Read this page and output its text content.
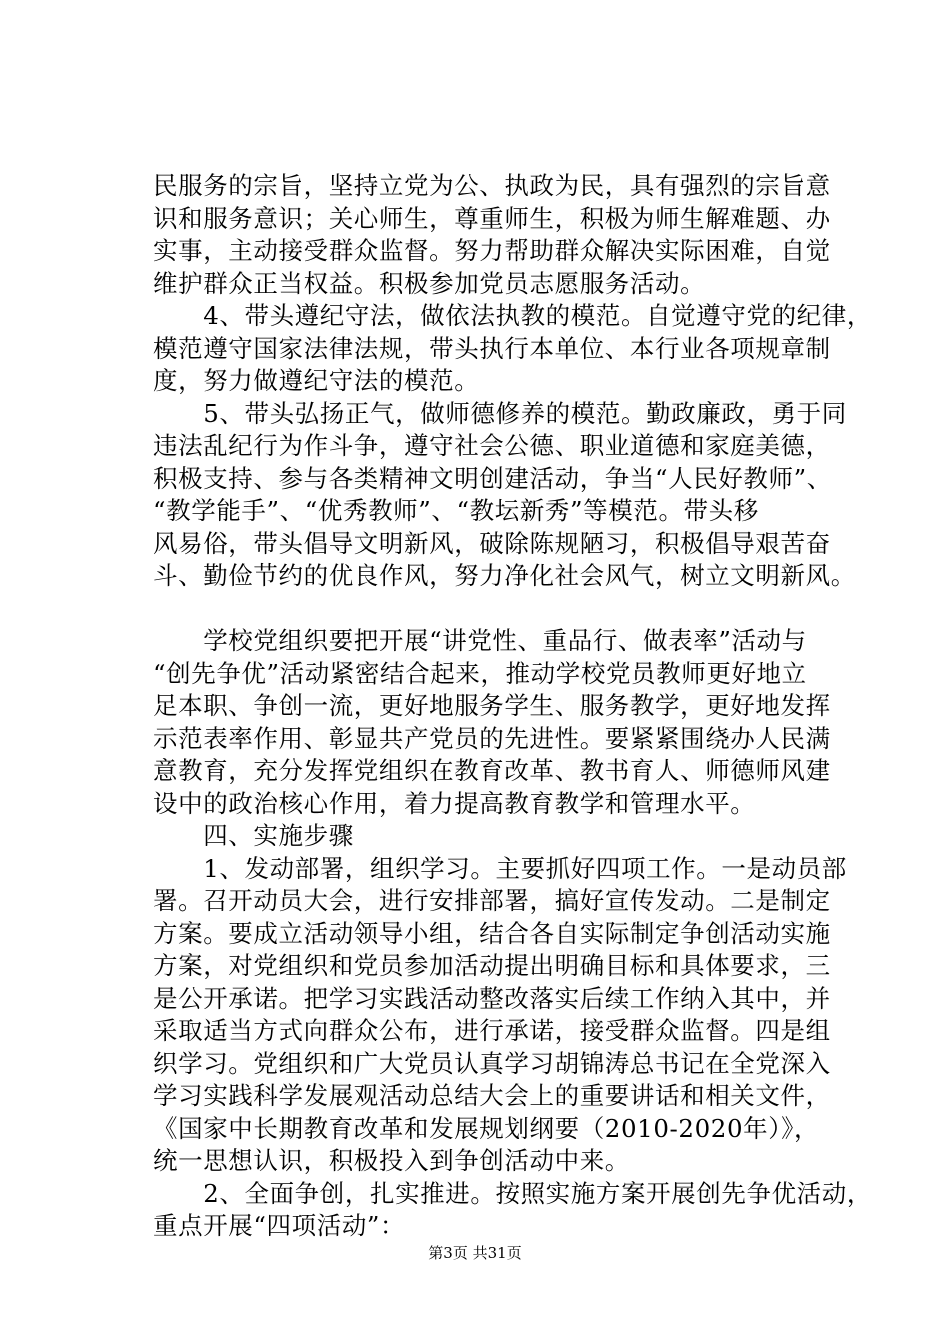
民服务的宗旨，坚持立党为公、执政为民，具有强烈的宗旨意
识和服务意识；关心师生，尊重师生，积极为师生解难题、办
实事，主动接受群众监督。努力帮助群众解决实际困难，自觉
维护群众正当权益。积极参加党员志愿服务活动。
　　4、带头遵纪守法，做依法执教的模范。自觉遵守党的纪律，
模范遵守国家法律法规，带头执行本单位、本行业各项规章制
度，努力做遵纪守法的模范。
　　5、带头弘扬正气，做师德修养的模范。勤政廉政，勇于同
违法乱纪行为作斗争，遵守社会公德、职业道德和家庭美德，
积极支持、参与各类精神文明创建活动，争当“人民好教师”、
“教学能手”、“优秀教师”、“教坛新秀”等模范。带头移
风易俗，带头倡导文明新风，破除陈规陋习，积极倡导艰苦奋
斗、勤俭节约的优良作风，努力净化社会风气，树立文明新风。
　　学校党组织要把开展“讲党性、重品行、做表率”活动与
“创先争优”活动紧密结合起来，推动学校党员教师更好地立
足本职、争创一流，更好地服务学生、服务教学，更好地发挥
示范表率作用、彰显共产党员的先进性。要紧紧围绕办人民满
意教育，充分发挥党组织在教育改革、教书育人、师德师风建
设中的政治核心作用，着力提高教育教学和管理水平。
　　四、实施步骤
　　1、发动部署，组织学习。主要抓好四项工作。一是动员部
署。召开动员大会，进行安排部署，搞好宣传发动。二是制定
方案。要成立活动领导小组，结合各自实际制定争创活动实施
方案，对党组织和党员参加活动提出明确目标和具体要求，三
是公开承诺。把学习实践活动整改落实后续工作纳入其中，并
采取适当方式向群众公布，进行承诺，接受群众监督。四是组
织学习。党组织和广大党员认真学习胡锦涛总书记在全党深入
学习实践科学发展观活动总结大会上的重要讲话和相关文件，
《国家中长期教育改革和发展规划纲要（2010-2020年）》，
统一思想认识，积极投入到争创活动中来。
　　2、全面争创，扎实推进。按照实施方案开展创先争优活动，
重点开展“四项活动”：
第3页 共31页
